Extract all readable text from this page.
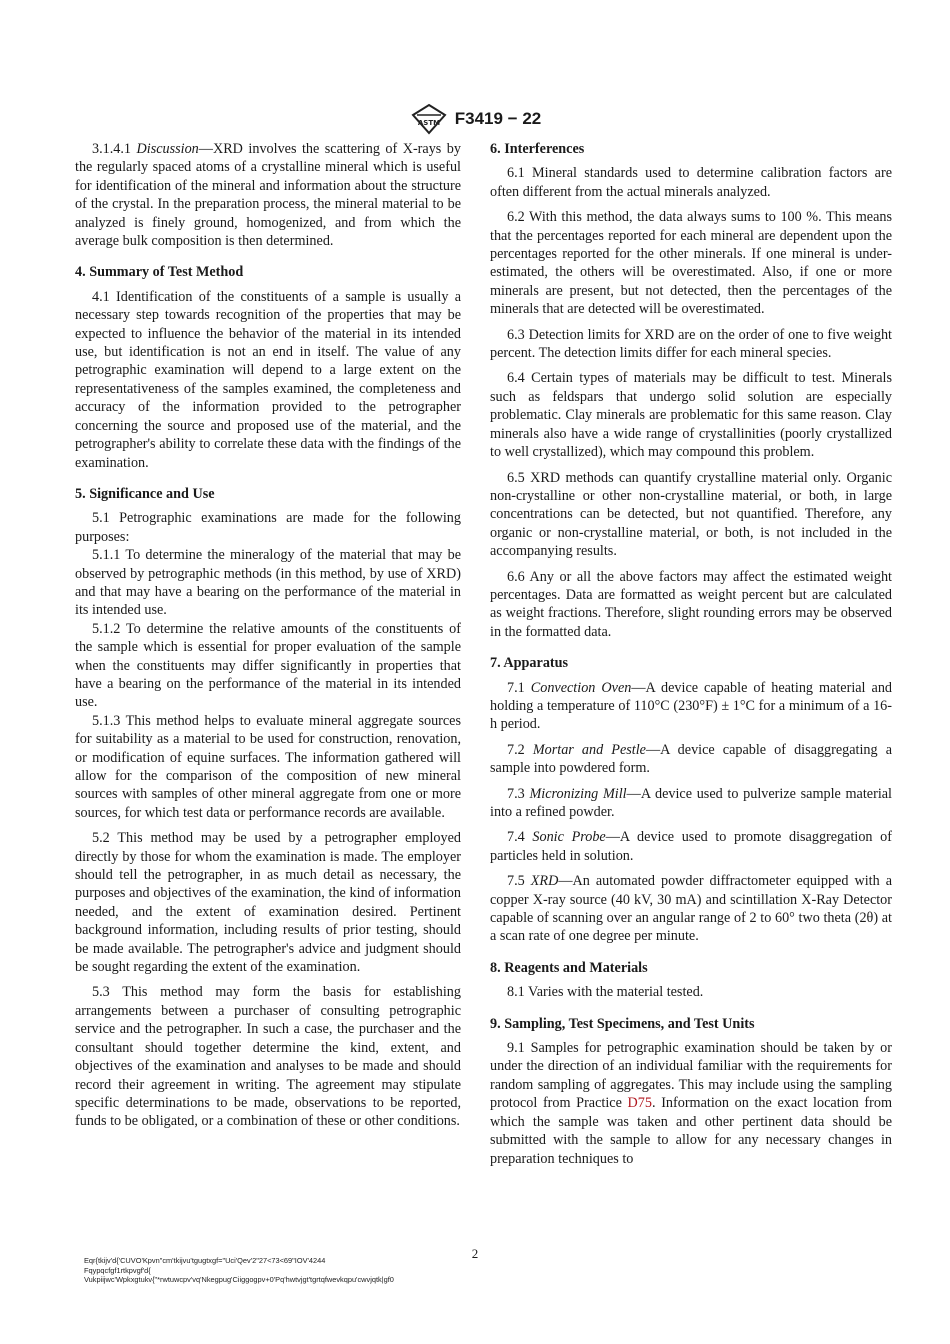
ASTM F3419 − 22

3.1.4.1 Discussion—XRD involves the scattering of X-rays by the regularly spaced atoms of a crystalline mineral which is useful for identification of the mineral and information about the structure of the crystal. In the preparation process, the mineral material to be analyzed is finely ground, homogenized, and from which the average bulk composition is then determined.

4. Summary of Test Method

4.1 Identification of the constituents of a sample is usually a necessary step towards recognition of the properties that may be expected to influence the behavior of the material in its intended use, but identification is not an end in itself. The value of any petrographic examination will depend to a large extent on the representativeness of the samples examined, the completeness and accuracy of the information provided to the petrographer concerning the source and proposed use of the material, and the petrographer's ability to correlate these data with the findings of the examination.

5. Significance and Use

5.1 Petrographic examinations are made for the following purposes:

5.1.1 To determine the mineralogy of the material that may be observed by petrographic methods (in this method, by use of XRD) and that may have a bearing on the performance of the material in its intended use.

5.1.2 To determine the relative amounts of the constituents of the sample which is essential for proper evaluation of the sample when the constituents may differ significantly in properties that have a bearing on the performance of the material in its intended use.

5.1.3 This method helps to evaluate mineral aggregate sources for suitability as a material to be used for construction, renovation, or modification of equine surfaces. The information gathered will allow for the comparison of the composition of new mineral sources with samples of other mineral aggregate from one or more sources, for which test data or performance records are available.

5.2 This method may be used by a petrographer employed directly by those for whom the examination is made. The employer should tell the petrographer, in as much detail as necessary, the purposes and objectives of the examination, the kind of information needed, and the extent of examination desired. Pertinent background information, including results of prior testing, should be made available. The petrographer's advice and judgment should be sought regarding the extent of the examination.

5.3 This method may form the basis for establishing arrangements between a purchaser of consulting petrographic service and the petrographer. In such a case, the purchaser and the consultant should together determine the kind, extent, and objectives of the examination and analyses to be made and should record their agreement in writing. The agreement may stipulate specific determinations to be made, observations to be reported, funds to be obligated, or a combination of these or other conditions.

6. Interferences

6.1 Mineral standards used to determine calibration factors are often different from the actual minerals analyzed.

6.2 With this method, the data always sums to 100 %. This means that the percentages reported for each mineral are dependent upon the percentages reported for the other minerals. If one mineral is under-estimated, the others will be overestimated. Also, if one or more minerals are present, but not detected, then the percentages of the minerals that are detected will be overestimated.

6.3 Detection limits for XRD are on the order of one to five weight percent. The detection limits differ for each mineral species.

6.4 Certain types of materials may be difficult to test. Minerals such as feldspars that undergo solid solution are especially problematic. Clay minerals are problematic for this same reason. Clay minerals also have a wide range of crystallinities (poorly crystallized to well crystallized), which may compound this problem.

6.5 XRD methods can quantify crystalline material only. Organic non-crystalline or other non-crystalline material, or both, in large concentrations can be detected, but not quantified. Therefore, any organic or non-crystalline material, or both, is not included in the accompanying results.

6.6 Any or all the above factors may affect the estimated weight percentages. Data are formatted as weight percent but are calculated as weight fractions. Therefore, slight rounding errors may be observed in the formatted data.

7. Apparatus

7.1 Convection Oven—A device capable of heating material and holding a temperature of 110°C (230°F) ± 1°C for a minimum of a 16-h period.

7.2 Mortar and Pestle—A device capable of disaggregating a sample into powdered form.

7.3 Micronizing Mill—A device used to pulverize sample material into a refined powder.

7.4 Sonic Probe—A device used to promote disaggregation of particles held in solution.

7.5 XRD—An automated powder diffractometer equipped with a copper X-ray source (40 kV, 30 mA) and scintillation X-Ray Detector capable of scanning over an angular range of 2 to 60° two theta (2θ) at a scan rate of one degree per minute.

8. Reagents and Materials

8.1 Varies with the material tested.

9. Sampling, Test Specimens, and Test Units

9.1 Samples for petrographic examination should be taken by or under the direction of an individual familiar with the requirements for random sampling of aggregates. This may include using the sampling protocol from Practice D75. Information on the exact location from which the sample was taken and other pertinent data should be submitted with the sample to allow for any necessary changes in preparation techniques to

2
Eqr{tkijv'd{'CUVO'Kpvn"cm'tkijvu'tgugtxgf="Uci'Qev'2"27<73<69"IOV'4244
Fqypqcfgf1rtkpvgf'd{
Vukpiijwc'Wpkxgtukv{"*rwtuwcpv'vq'Nkegpug'Ciiggogpv+0'Pq'hwtvjgt'tgrtqfwevkqpu'cwvjqtk|gf0
